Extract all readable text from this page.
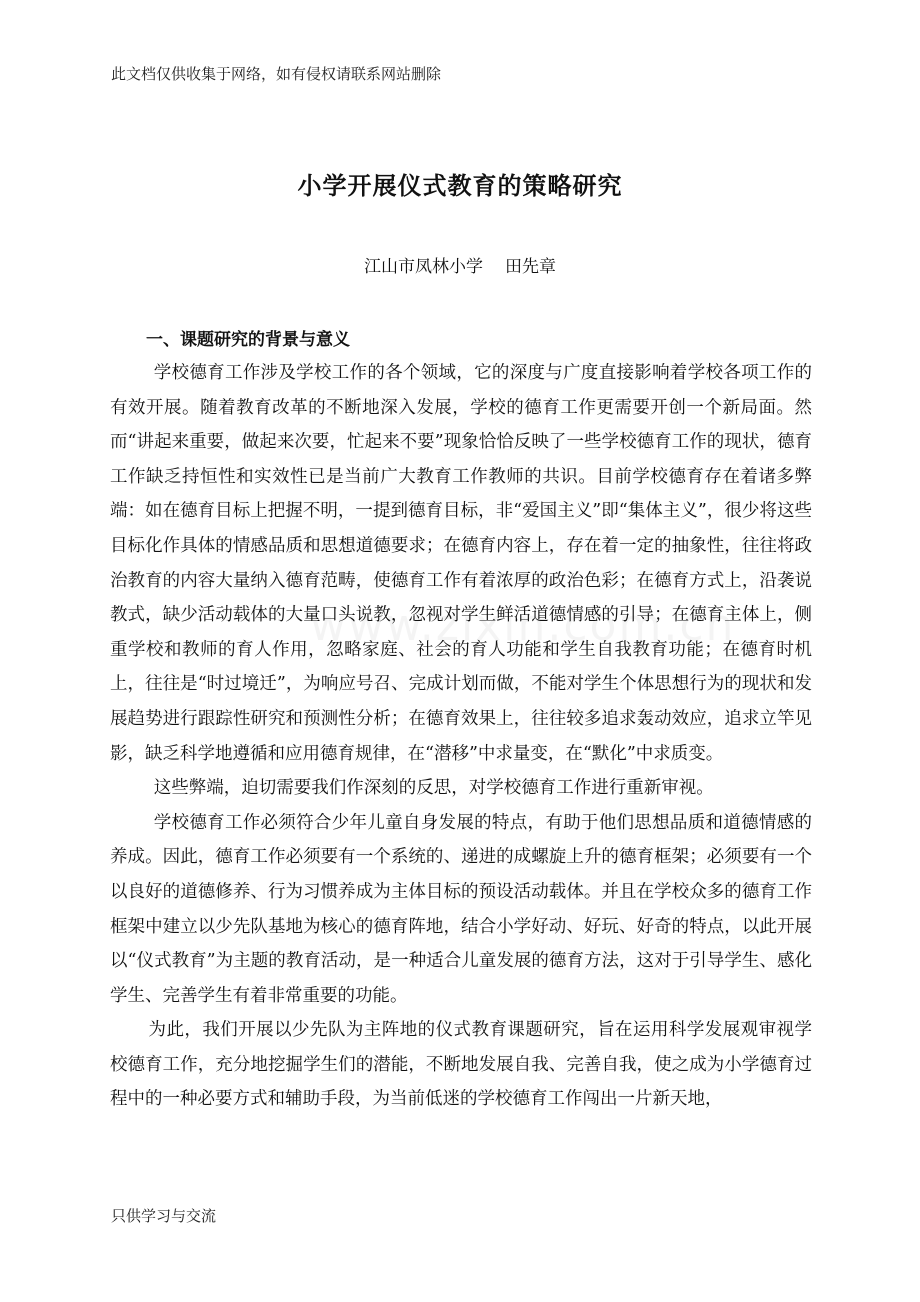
此文档仅供收集于网络，如有侵权请联系网站删除
小学开展仪式教育的策略研究
江山市凤林小学 田先章
一、课题研究的背景与意义

学校德育工作涉及学校工作的各个领域，它的深度与广度直接影响着学校各项工作的有效开展。随着教育改革的不断地深入发展，学校的德育工作更需要开创一个新局面。然而“讲起来重要，做起来次要，忙起来不要”现象恰恰反映了一些学校德育工作的现状，德育工作缺乏持恒性和实效性已是当前广大教育工作教师的共识。目前学校德育存在着诸多弊端：如在德育目标上把握不明，一提到德育目标，非“爱国主义”即“集体主义”，很少将这些目标化作具体的情感品质和思想道德要求；在德育内容上，存在着一定的抽象性，往往将政治教育的内容大量纳入德育范畴，使德育工作有着浓厚的政治色彩；在德育方式上，沿袭说教式，缺少活动载体的大量口头说教，忽视对学生鲜活道德情感的引导；在德育主体上，侧重学校和教师的育人作用，忽略家庭、社会的育人功能和学生自我教育功能；在德育时机上，往往是“时过境迁”，为响应号召、完成计划而做，不能对学生个体思想行为的现状和发展趋势进行跟踪性研究和预测性分析；在德育效果上，往往较多追求轰动效应，追求立竿见影，缺乏科学地遵循和应用德育规律，在“潜移”中求量变，在“默化”中求质变。

这些弊端，迫切需要我们作深刻的反思，对学校德育工作进行重新审视。

学校德育工作必须符合少年儿童自身发展的特点，有助于他们思想品质和道德情感的养成。因此，德育工作必须要有一个系统的、递进的成螺旋上升的德育框架；必须要有一个以良好的道德修养、行为习惯养成为主体目标的预设活动载体。并且在学校众多的德育工作框架中建立以少先队基地为核心的德育阵地，结合小学好动、好玩、好奇的特点，以此开展以“仪式教育”为主题的教育活动，是一种适合儿童发展的德育方法，这对于引导学生、感化学生、完善学生有着非常重要的功能。

为此，我们开展以少先队为主阵地的仪式教育课题研究，旨在运用科学发展观审视学校德育工作，充分地挖掘学生们的潜能，不断地发展自我、完善自我，使之成为小学德育过程中的一种必要方式和辅助手段，为当前低迷的学校德育工作闯出一片新天地，

只供学习与交流
